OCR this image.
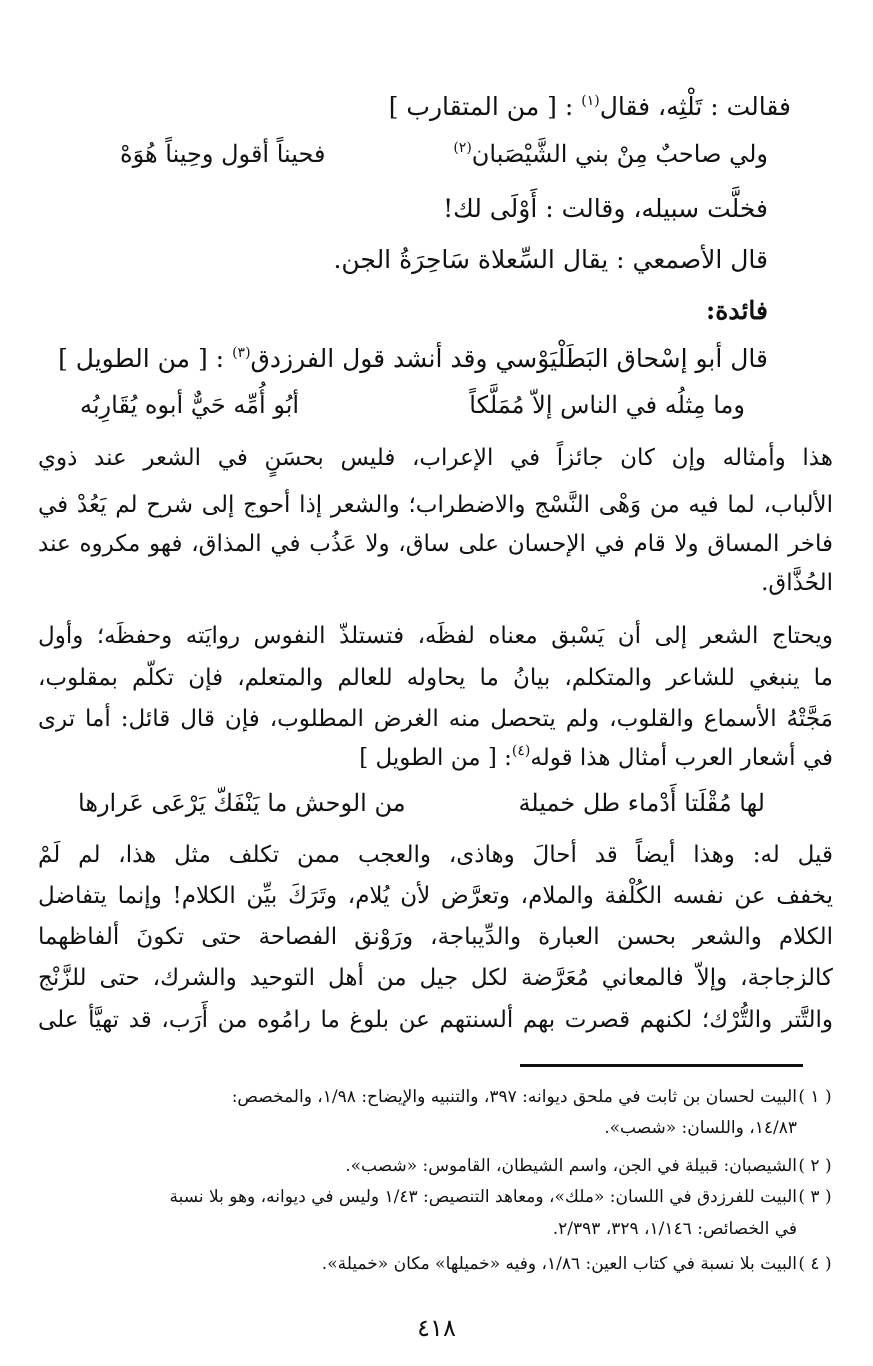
فقالت : تَلْثِه، فقال$^{(١)}$ : [ من المتقارب ]
ولي صاحبٌ مِنْ بني الشَّيْصَبان$^{(٢)}$
فحيناً أقول وحِيناً هُوَهْ
فخلَّت سبيله، وقالت : أَوْلَى لك!
قال الأصمعي : يقال السِّعلاة سَاحِرَةُ الجن.
فائدة:
قال أبو إسْحاق البَطَلْيَوْسي وقد أنشد قول الفرزدق$^{(٣)}$ : [ من الطويل ]
وما مِثلُه في الناس إلاّ مُمَلَّكاً
أبُو أُمِّه حَيٌّ أبوه يُقَارِبُه
هذا وأمثاله وإن كان جائزاً في الإعراب، فليس بحسَنٍ في الشعر عند ذوي
الألباب، لما فيه من وَهْى النَّسْج والاضطراب؛ والشعر إذا أحوج إلى شرح لم يَعُدْ في
فاخر المساق ولا قام في الإحسان على ساق، ولا عَذُب في المذاق، فهو مكروه عند
الحُذَّاق.
ويحتاج الشعر إلى أن يَسْبق معناه لفظَه، فتستلذّ النفوس روايَته وحفظَه؛ وأول
ما ينبغي للشاعر والمتكلم، بيانُ ما يحاوله للعالم والمتعلم، فإن تكلّم بمقلوب،
مَجَّتْهُ الأسماع والقلوب، ولم يتحصل منه الغرض المطلوب، فإن قال قائل: أما ترى
في أشعار العرب أمثال هذا قوله$^{(٤)}$: [ من الطويل ]
لها مُقْلَتا أَدْماء طل خميلة
من الوحش ما يَنْفَكّ يَرْعَى عَرارها
قيل له: وهذا أيضاً قد أحالَ وهاذى، والعجب ممن تكلف مثل هذا، لم لَمْ
يخفف عن نفسه الكُلْفة والملام، وتعرَّض لأن يُلام، وتَرَكَ بيِّن الكلام! وإنما يتفاضل
الكلام والشعر بحسن العبارة والدِّيباجة، ورَوْنق الفصاحة حتى تكونَ ألفاظهما
كالزجاجة، وإلاّ فالمعاني مُعَرَّضة لكل جيل من أهل التوحيد والشرك، حتى للزَّنْج
والتَّتر والتُّرْك؛ لكنهم قصرت بهم ألسنتهم عن بلوغ ما رامُوه من أَرَب، قد تهيَّأ على
( ١ )البيت لحسان بن ثابت في ملحق ديوانه: ٣٩٧، والتنبيه والإيضاح: ١/٩٨، والمخصص:
١٤/٨٣، واللسان: «شصب».
( ٢ )الشيصبان: قبيلة في الجن، واسم الشيطان، القاموس: «شصب».
( ٣ )البيت للفرزدق في اللسان: «ملك»، ومعاهد التنصيص: ١/٤٣ وليس في ديوانه، وهو بلا نسبة
في الخصائص: ١/١٤٦، ٣٢٩، ٢/٣٩٣.
( ٤ )البيت بلا نسبة في كتاب العين: ١/٨٦، وفيه «خميلها» مكان «خميلة».
٤١٨
